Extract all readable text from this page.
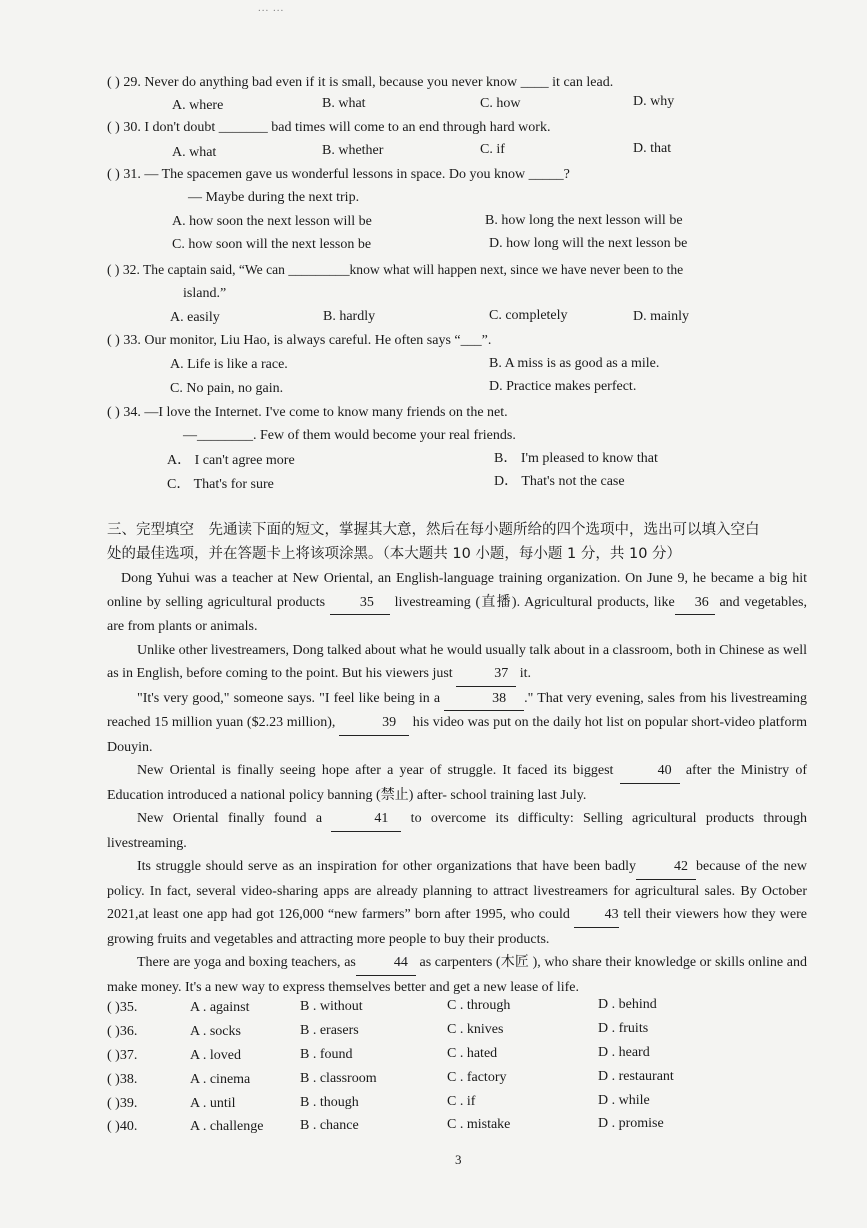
( ) 29. Never do anything bad even if it is small, because you never know ____ it can lead.
A. where	B. what	C. how	D. why
( ) 30. I don't doubt _______ bad times will come to an end through hard work.
A. what	B. whether	C. if	D. that
( ) 31. — The spacemen gave us wonderful lessons in space. Do you know _____?
— Maybe during the next trip.
A. how soon the next lesson will be	B. how long the next lesson will be
C. how soon will the next lesson be	D. how long will the next lesson be
( ) 32. The captain said, “We can _________know what will happen next, since we have never been to the
island.”
A. easily	B. hardly	C. completely	D. mainly
( ) 33. Our monitor, Liu Hao, is always careful. He often says “___”.
A. Life is like a race.	B. A miss is as good as a mile.
C. No pain, no gain.	D. Practice makes perfect.
( ) 34. —I love the Internet. I've come to know many friends on the net.
—________. Few of them would become your real friends.
A． I can't agree more	B． I'm pleased to know that
C． That's for sure	D． That's not the case
三、完型填空　先通读下面的短文，掌握其大意，然后在每小题所给的四个选项中，选出可以填入空白
处的最佳选项，并在答题卡上将该项涂黑。（本大题共 10 小题，每小题 1 分，共 10 分）

Dong Yuhui was a teacher at New Oriental, an English-language training organization. On June 9, he became a big hit online by selling agricultural products 35 livestreaming (直播). Agricultural products, like 36 and vegetables, are from plants or animals.

Unlike other livestreamers, Dong talked about what he would usually talk about in a classroom, both in Chinese as well as in English, before coming to the point. But his viewers just	37 it.

"It's very good," someone says. "I feel like being in a	38 ." That very evening, sales from his livestreaming reached 15 million yuan ($2.23 million),	39 his video was put on the daily hot list on popular short-video platform Douyin.

New Oriental is finally seeing hope after a year of struggle. It faced its biggest	40 after the Ministry of Education introduced a national policy banning (禁止) after- school training last July.

New Oriental finally found a	41 to overcome its difficulty: Selling agricultural products through livestreaming.

Its struggle should serve as an inspiration for other organizations that have been badly	42 because of the new policy. In fact, several video-sharing apps are already planning to attract livestreamers for agricultural sales. By October 2021,at least one app had got 126,000 “new farmers” born after 1995, who could 43 tell their viewers how they were growing fruits and vegetables and attracting more people to buy their products.

There are yoga and boxing teachers, as	44 as carpenters (木匠 ), who share their knowledge or skills online and make money. It's a new way to express themselves better and get a new lease of life.

( )35.	A . against	B . without	C . through	D . behind
( )36.	A . socks	B . erasers	C . knives	D . fruits
( )37.	A . loved	B . found	C . hated	D . heard
( )38.	A . cinema	B . classroom	C . factory	D . restaurant
( )39.	A . until	B . though	C . if	D . while
( )40.	A . challenge	B . chance	C . mistake	D . promise
... ...
3
